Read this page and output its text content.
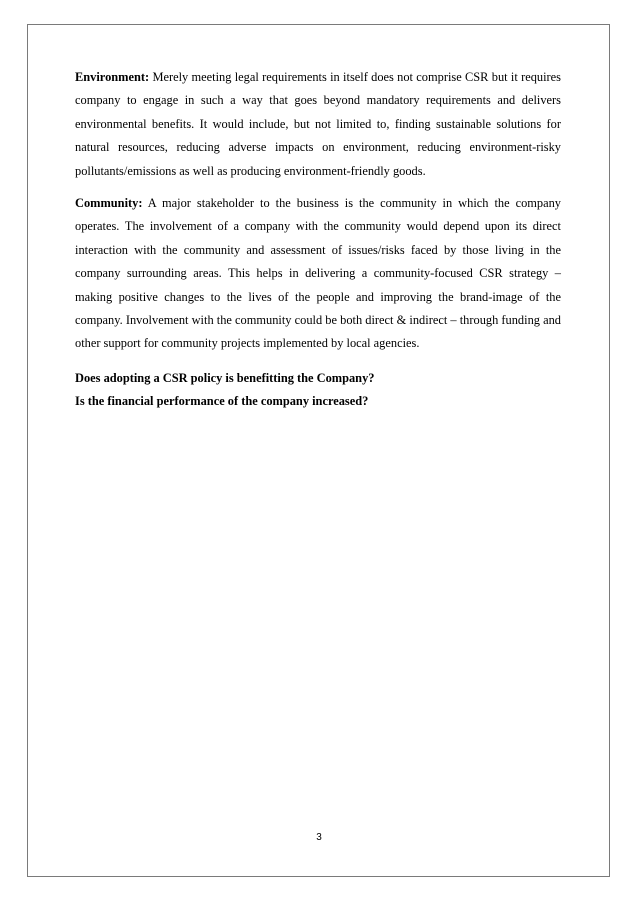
Environment: Merely meeting legal requirements in itself does not comprise CSR but it requires company to engage in such a way that goes beyond mandatory requirements and delivers environmental benefits. It would include, but not limited to, finding sustainable solutions for natural resources, reducing adverse impacts on environment, reducing environment-risky pollutants/emissions as well as producing environment-friendly goods.

Community: A major stakeholder to the business is the community in which the company operates. The involvement of a company with the community would depend upon its direct interaction with the community and assessment of issues/risks faced by those living in the company surrounding areas. This helps in delivering a community-focused CSR strategy – making positive changes to the lives of the people and improving the brand-image of the company. Involvement with the community could be both direct & indirect – through funding and other support for community projects implemented by local agencies.

Does adopting a CSR policy is benefitting the Company?

Is the financial performance of the company increased?

3
